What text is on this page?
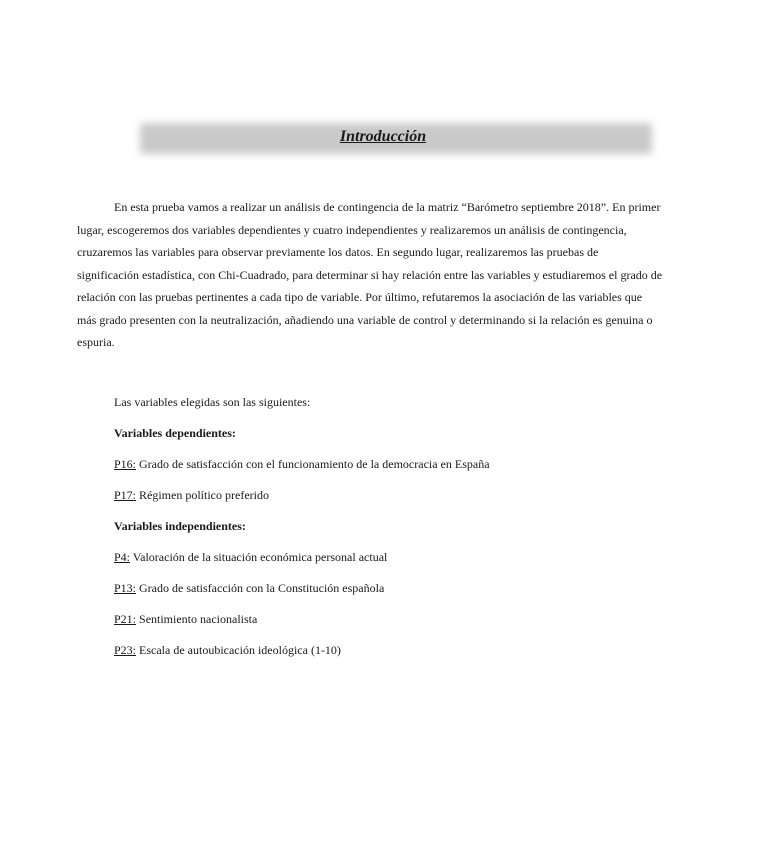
Introducción

En esta prueba vamos a realizar un análisis de contingencia de la matriz “Barómetro septiembre 2018”. En primer lugar, escogeremos dos variables dependientes y cuatro independientes y realizaremos un análisis de contingencia, cruzaremos las variables para observar previamente los datos. En segundo lugar, realizaremos las pruebas de significación estadística, con Chi-Cuadrado, para determinar si hay relación entre las variables y estudiaremos el grado de relación con las pruebas pertinentes a cada tipo de variable. Por último, refutaremos la asociación de las variables que más grado presenten con la neutralización, añadiendo una variable de control y determinando si la relación es genuina o espuria.

Las variables elegidas son las siguientes:

Variables dependientes:

P16: Grado de satisfacción con el funcionamiento de la democracia en España

P17: Régimen político preferido

Variables independientes:

P4: Valoración de la situación económica personal actual

P13: Grado de satisfacción con la Constitución española

P21: Sentimiento nacionalista

P23: Escala de autoubicación ideológica (1-10)
